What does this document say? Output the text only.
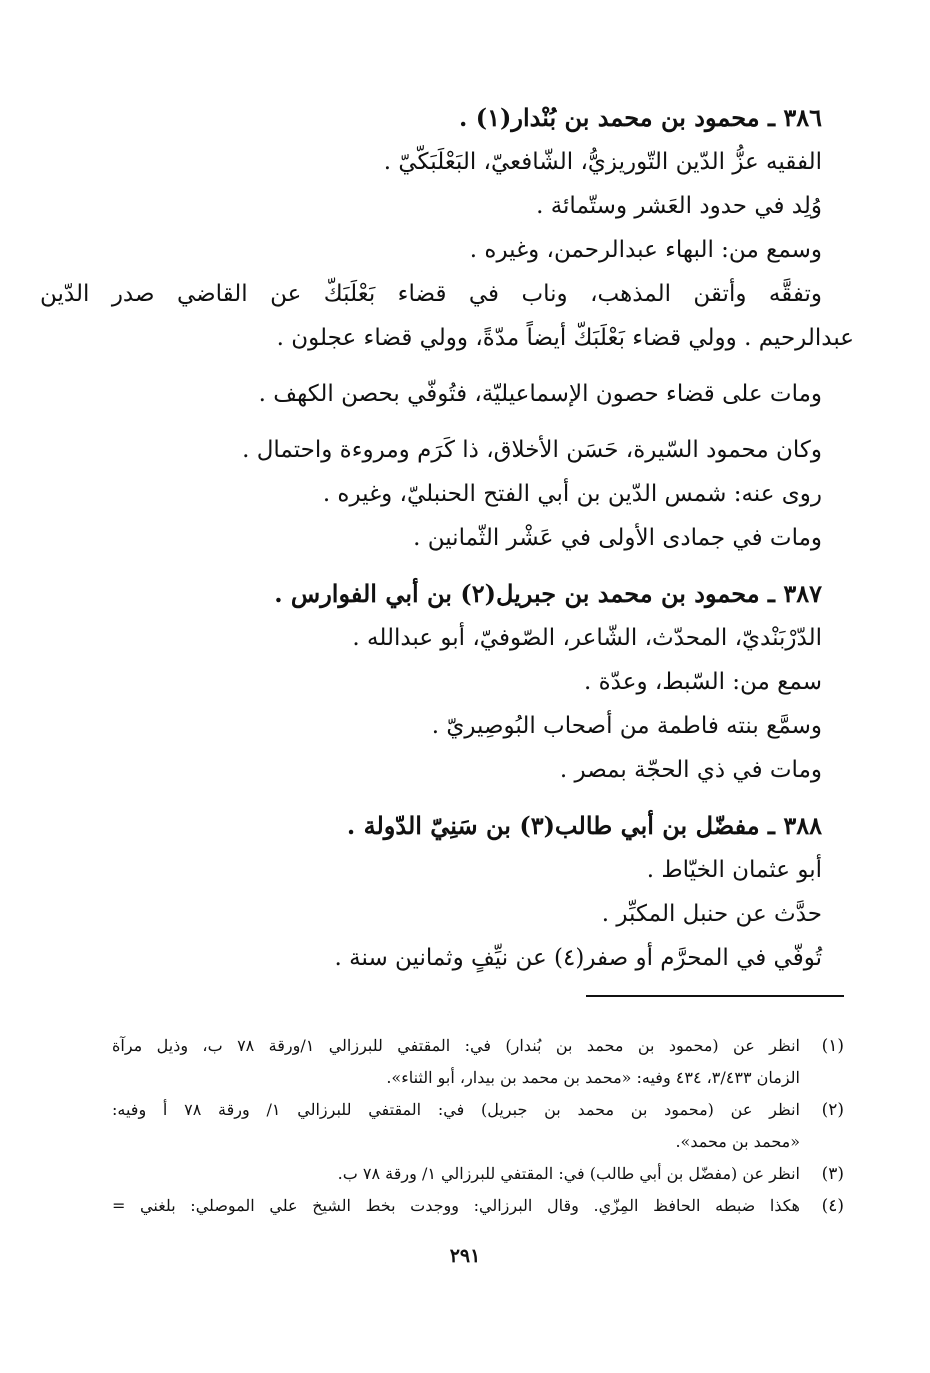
٣٨٦ ـ محمود بن محمد بن بُنْدار(١) .
الفقيه عزُّ الدّين التّوريزيُّ، الشّافعيّ، البَعْلَبَكّيّ .
وُلِد في حدود العَشر وستّمائة .
وسمع من: البهاء عبدالرحمن، وغيره .
وتفقَّه وأتقن المذهب، وناب في قضاء بَعْلَبَكّ عن القاضي صدر الدّين
عبدالرحيم . وولي قضاء بَعْلَبَكّ أيضاً مدّةً، وولي قضاء عجلون .
ومات على قضاء حصون الإسماعيليّة، فتُوفّي بحصن الكهف .
وكان محمود السّيرة، حَسَن الأخلاق، ذا كَرَم ومروءة واحتمال .
روى عنه: شمس الدّين بن أبي الفتح الحنبليّ، وغيره .
ومات في جمادى الأولى في عَشْر الثّمانين .
٣٨٧ ـ محمود بن محمد بن جبريل(٢) بن أبي الفوارس .
الدّرْبَنْديّ، المحدّث، الشّاعر، الصّوفيّ، أبو عبدالله .
سمع من: السّبط، وعدّة .
وسمَّع بنته فاطمة من أصحاب البُوصِيريّ .
ومات في ذي الحجّة بمصر .
٣٨٨ ـ مفضّل بن أبي طالب(٣) بن سَنِيّ الدّولة .
أبو عثمان الخيّاط .
حدَّث عن حنبل المكبِّر .
تُوفّي في المحرَّم أو صفر(٤) عن نيِّفٍ وثمانين سنة .
(١)
انظر عن (محمود بن محمد بن بُندار) في: المقتفي للبرزالي ١/ورقة ٧٨ ب، وذيل مرآة
الزمان ٣/٤٣٣، ٤٣٤ وفيه: «محمد بن محمد بن بيدار، أبو الثناء».
(٢)
انظر عن (محمود بن محمد بن جبريل) في: المقتفي للبرزالي ١/ ورقة ٧٨ أ وفيه:
«محمد بن محمد».
(٣)
انظر عن (مفضّل بن أبي طالب) في: المقتفي للبرزالي ١/ ورقة ٧٨ ب.
(٤)
هكذا ضبطه الحافظ المِزّي. وقال البرزالي: ووجدت بخط الشيخ علي الموصلي: بلغني =
٢٩١
